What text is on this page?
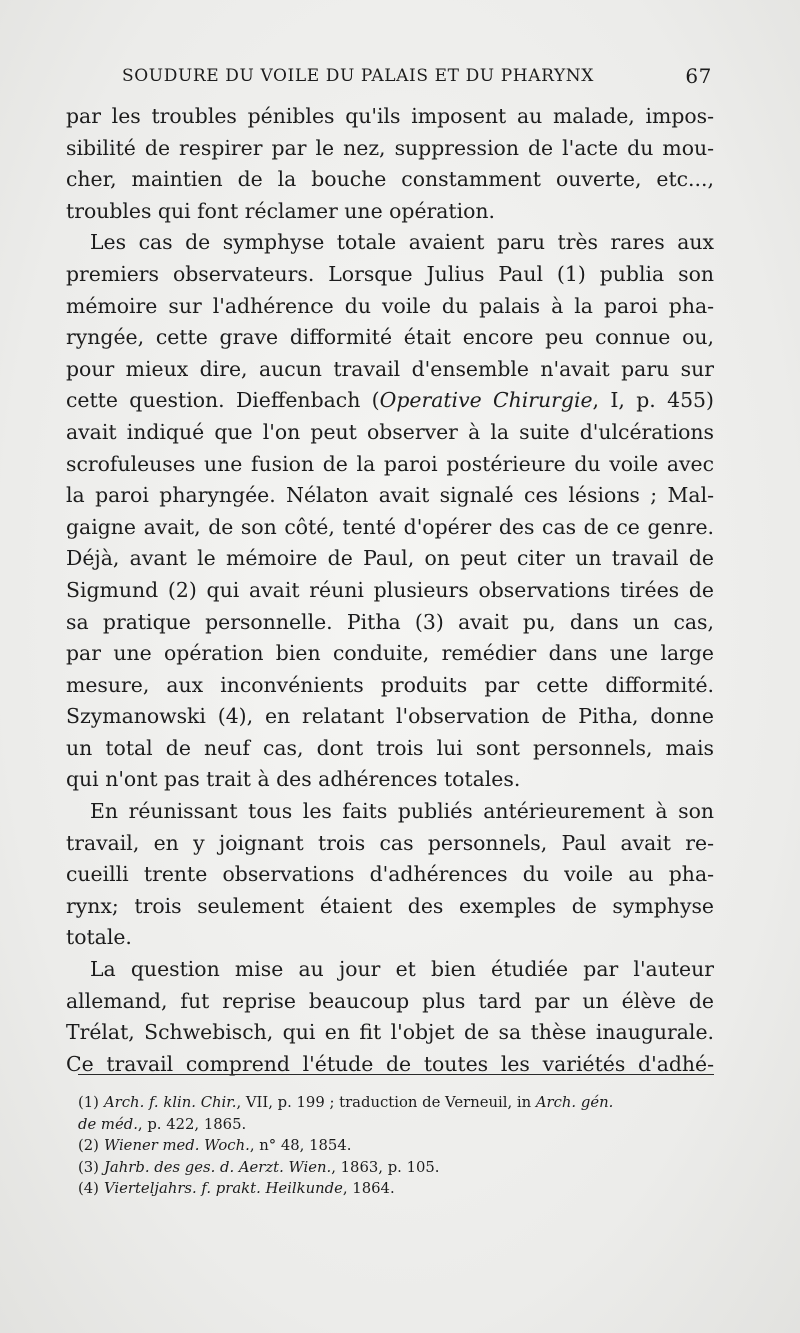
SOUDURE DU VOILE DU PALAIS ET DU PHARYNX	67
par les troubles pénibles qu'ils imposent au malade, impos-
sibilité de respirer par le nez, suppression de l'acte du mou-
cher, maintien de la bouche constamment ouverte, etc...,
troubles qui font réclamer une opération.
Les cas de symphyse totale avaient paru très rares aux
premiers observateurs. Lorsque Julius Paul (1) publia son
mémoire sur l'adhérence du voile du palais à la paroi pha-
ryngée, cette grave difformité était encore peu connue ou,
pour mieux dire, aucun travail d'ensemble n'avait paru sur
cette question. Dieffenbach (Operative Chirurgie, I, p. 455)
avait indiqué que l'on peut observer à la suite d'ulcérations
scrofuleuses une fusion de la paroi postérieure du voile avec
la paroi pharyngée. Nélaton avait signalé ces lésions ; Mal-
gaigne avait, de son côté, tenté d'opérer des cas de ce genre.
Déjà, avant le mémoire de Paul, on peut citer un travail de
Sigmund (2) qui avait réuni plusieurs observations tirées de
sa pratique personnelle. Pitha (3) avait pu, dans un cas,
par une opération bien conduite, remédier dans une large
mesure, aux inconvénients produits par cette difformité.
Szymanowski (4), en relatant l'observation de Pitha, donne
un total de neuf cas, dont trois lui sont personnels, mais
qui n'ont pas trait à des adhérences totales.
En réunissant tous les faits publiés antérieurement à son
travail, en y joignant trois cas personnels, Paul avait re-
cueilli trente observations d'adhérences du voile au pha-
rynx; trois seulement étaient des exemples de symphyse
totale.
La question mise au jour et bien étudiée par l'auteur
allemand, fut reprise beaucoup plus tard par un élève de
Trélat, Schwebisch, qui en fit l'objet de sa thèse inaugurale.
Ce travail comprend l'étude de toutes les variétés d'adhé-
(1) Arch. f. klin. Chir., VII, p. 199 ; traduction de Verneuil, in Arch. gén.
de méd., p. 422, 1865.
(2) Wiener med. Woch., n° 48, 1854.
(3) Jahrb. des ges. d. Aerzt. Wien., 1863, p. 105.
(4) Vierteljahrs. f. prakt. Heilkunde, 1864.
